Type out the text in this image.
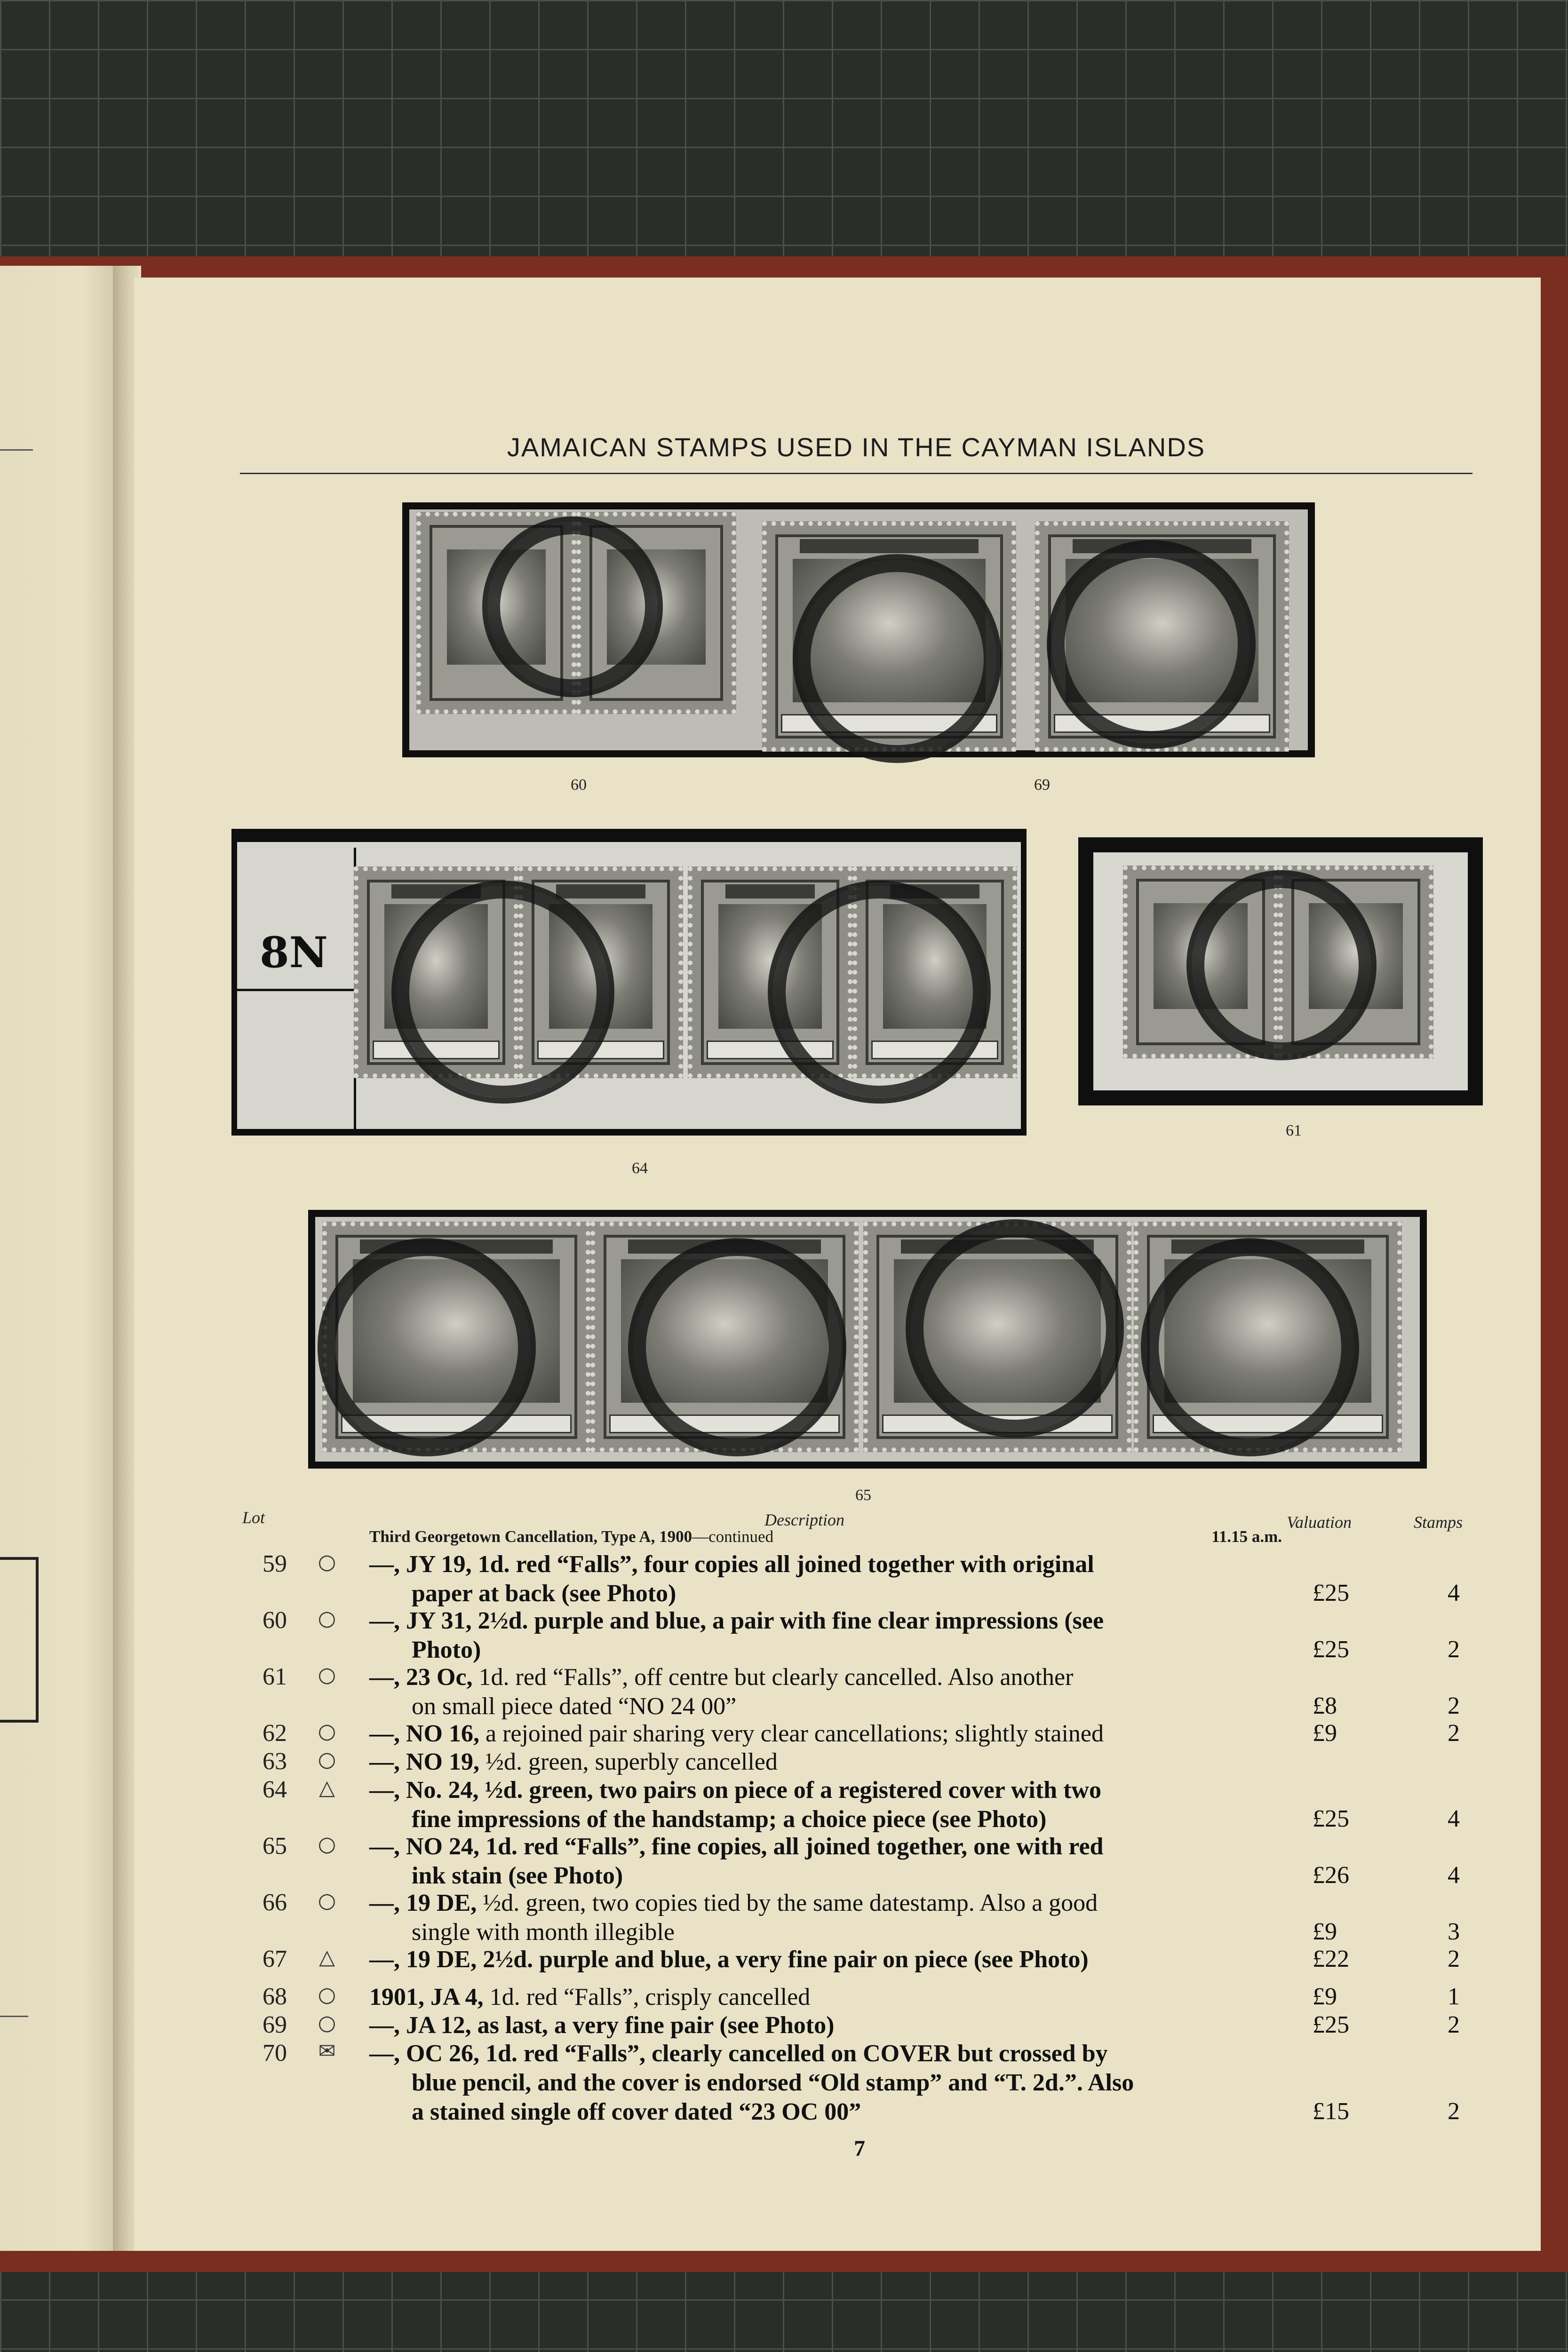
JAMAICAN STAMPS USED IN THE CAYMAN ISLANDS
60	69
8N
64
61
65
Lot	Description	Valuation	Stamps
Third Georgetown Cancellation, Type A, 1900—continued	11.15 a.m.
59	○	—, JY 19, 1d. red “Falls”, four copies all joined together with original
paper at back (see Photo)	£25	4
60	○	—, JY 31, 2½d. purple and blue, a pair with fine clear impressions (see
Photo)	£25	2
61	○	—, 23 Oc, 1d. red “Falls”, off centre but clearly cancelled. Also another
on small piece dated “NO 24 00”	£8	2
62	○	—, NO 16, a rejoined pair sharing very clear cancellations; slightly stained	£9	2
63	○	—, NO 19, ½d. green, superbly cancelled
64	△	—, No. 24, ½d. green, two pairs on piece of a registered cover with two
fine impressions of the handstamp; a choice piece (see Photo)	£25	4
65	○	—, NO 24, 1d. red “Falls”, fine copies, all joined together, one with red
ink stain (see Photo)	£26	4
66	○	—, 19 DE, ½d. green, two copies tied by the same datestamp. Also a good
single with month illegible	£9	3
67	△	—, 19 DE, 2½d. purple and blue, a very fine pair on piece (see Photo)	£22	2
68	○	1901, JA 4, 1d. red “Falls”, crisply cancelled	£9	1
69	○	—, JA 12, as last, a very fine pair (see Photo)	£25	2
70	✉	—, OC 26, 1d. red “Falls”, clearly cancelled on COVER but crossed by
blue pencil, and the cover is endorsed “Old stamp” and “T. 2d.”. Also
a stained single off cover dated “23 OC 00”	£15	2
7
